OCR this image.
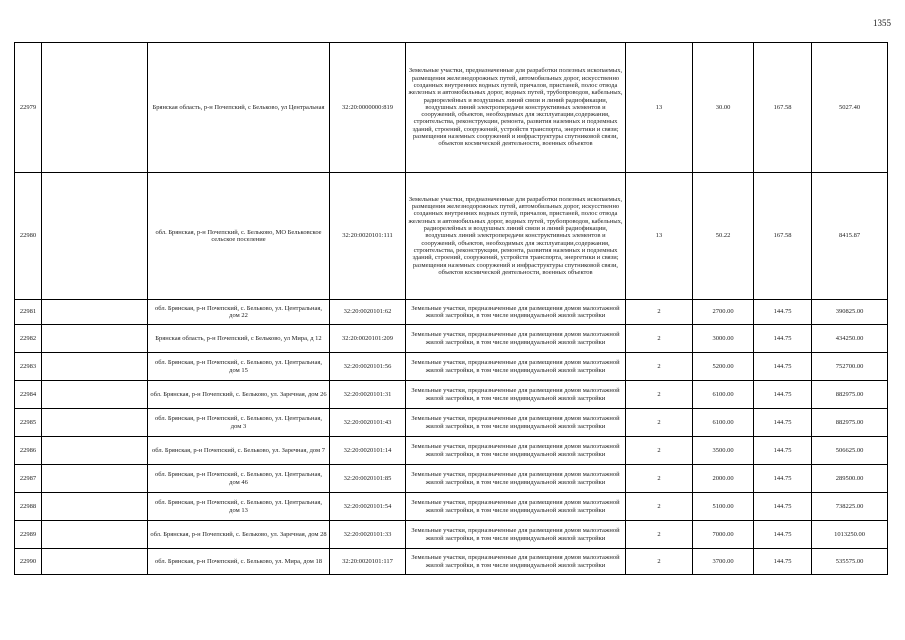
1355
22979		Брянская область, р-н Почепский, с Бельково, ул Центральная	32:20:0000000:819	Земельные участки, предназначенные для разработки полезных ископаемых, размещения железнодорожных путей, автомобильных дорог, искусственно созданных внутренних водных путей, причалов, пристаней, полос отвода железных и автомобильных дорог, водных путей, трубопроводов, кабельных, радиорелейных и воздушных линий связи и линий радиофикации, воздушных линий электропередачи конструктивных элементов и сооружений, объектов, необходимых для эксплуатации,содержания, строительства, реконструкции, ремонта, развития наземных и подземных зданий, строений, сооружений, устройств транспорта, энергетики и связи; размещения наземных сооружений и инфраструктуры спутниковой связи, объектов космической деятельности, военных объектов	13	30.00	167.58	5027.40
22980		обл. Брянская, р-н Почепский, с. Бельково, МО Бельковское сельское поселение	32:20:0020101:111	Земельные участки, предназначенные для разработки полезных ископаемых, размещения железнодорожных путей, автомобильных дорог, искусственно созданных внутренних водных путей, причалов, пристаней, полос отвода железных и автомобильных дорог, водных путей, трубопроводов, кабельных, радиорелейных и воздушных линий связи и линий радиофикации, воздушных линий электропередачи конструктивных элементов и сооружений, объектов, необходимых для эксплуатации,содержания, строительства, реконструкции, ремонта, развития наземных и подземных зданий, строений, сооружений, устройств транспорта, энергетики и связи; размещения наземных сооружений и инфраструктуры спутниковой связи, объектов космической деятельности, военных объектов	13	50.22	167.58	8415.87
22981		обл. Брянская, р-н Почепский, с. Бельково, ул. Центральная, дом 22	32:20:0020101:62	Земельные участки, предназначенные для размещения домов малоэтажной жилой застройки, в том числе индивидуальной жилой застройки	2	2700.00	144.75	390825.00
22982		Брянская область, р-н Почепский, с Бельково, ул Мира, д 12	32:20:0020101:209	Земельные участки, предназначенные для размещения домов малоэтажной жилой застройки, в том числе индивидуальной жилой застройки	2	3000.00	144.75	434250.00
22983		обл. Брянская, р-н Почепский, с. Бельково, ул. Центральная, дом 15	32:20:0020101:56	Земельные участки, предназначенные для размещения домов малоэтажной жилой застройки, в том числе индивидуальной жилой застройки	2	5200.00	144.75	752700.00
22984		обл. Брянская, р-н Почепский, с. Бельково, ул. Заречная, дом 26	32:20:0020101:31	Земельные участки, предназначенные для размещения домов малоэтажной жилой застройки, в том числе индивидуальной жилой застройки	2	6100.00	144.75	882975.00
22985		обл. Брянская, р-н Почепский, с. Бельково, ул. Центральная, дом 3	32:20:0020101:43	Земельные участки, предназначенные для размещения домов малоэтажной жилой застройки, в том числе индивидуальной жилой застройки	2	6100.00	144.75	882975.00
22986		обл. Брянская, р-н Почепский, с. Бельково, ул. Заречная, дом 7	32:20:0020101:14	Земельные участки, предназначенные для размещения домов малоэтажной жилой застройки, в том числе индивидуальной жилой застройки	2	3500.00	144.75	506625.00
22987		обл. Брянская, р-н Почепский, с. Бельково, ул. Центральная, дом 46	32:20:0020101:85	Земельные участки, предназначенные для размещения домов малоэтажной жилой застройки, в том числе индивидуальной жилой застройки	2	2000.00	144.75	289500.00
22988		обл. Брянская, р-н Почепский, с. Бельково, ул. Центральная, дом 13	32:20:0020101:54	Земельные участки, предназначенные для размещения домов малоэтажной жилой застройки, в том числе индивидуальной жилой застройки	2	5100.00	144.75	738225.00
22989		обл. Брянская, р-н Почепский, с. Бельково, ул. Заречная, дом 28	32:20:0020101:33	Земельные участки, предназначенные для размещения домов малоэтажной жилой застройки, в том числе индивидуальной жилой застройки	2	7000.00	144.75	1013250.00
22990		обл. Брянская, р-н Почепский, с. Бельково, ул. Мира, дом 18	32:20:0020101:117	Земельные участки, предназначенные для размещения домов малоэтажной жилой застройки, в том числе индивидуальной жилой застройки	2	3700.00	144.75	535575.00
